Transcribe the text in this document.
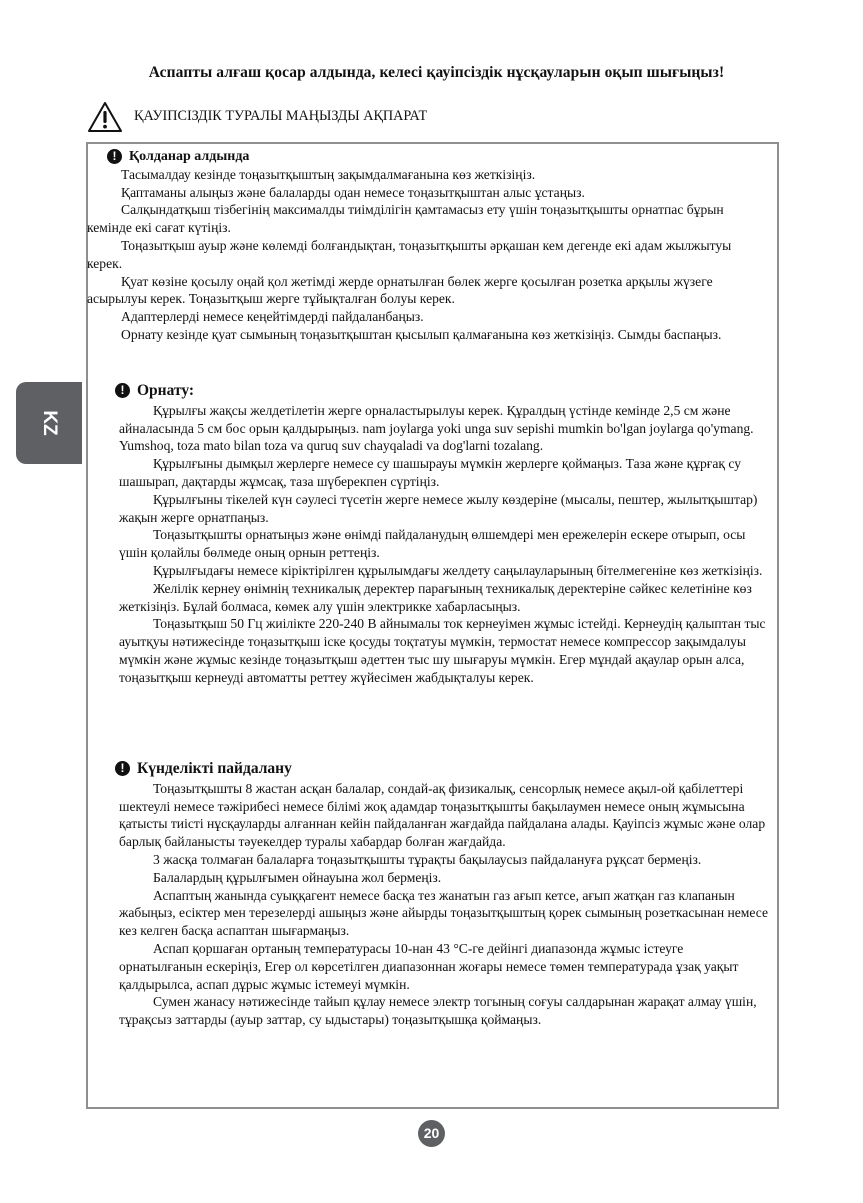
Аспапты алғаш қосар алдында, келесі қауіпсіздік нұсқауларын оқып шығыңыз!
ҚАУІПСІЗДІК ТУРАЛЫ МАҢЫЗДЫ АҚПАРАТ
KZ
! Қолданар алдында

Тасымалдау кезінде тоңазытқыштың зақымдалмағанына көз жеткізіңіз.

Қаптаманы алыңыз және балаларды одан немесе тоңазытқыштан алыс ұстаңыз.

Салқындатқыш тізбегінің максималды тиімділігін қамтамасыз ету үшін тоңазытқышты орнатпас бұрын кемінде екі сағат күтіңіз.

Тоңазытқыш ауыр және көлемді болғандықтан, тоңазытқышты әрқашан кем дегенде екі адам жылжытуы керек.

Қуат көзіне қосылу оңай қол жетімді жерде орнатылған бөлек жерге қосылған розетка арқылы жүзеге асырылуы керек. Тоңазытқыш жерге тұйықталған болуы керек.

Адаптерлерді немесе кеңейтімдерді пайдаланбаңыз.

Орнату кезінде қуат сымының тоңазытқыштан қысылып қалмағанына көз жеткізіңіз. Сымды баспаңыз.

! Орнату:

Құрылғы жақсы желдетілетін жерге орналастырылуы керек. Құралдың үстінде кемінде 2,5 см және айналасында 5 см бос орын қалдырыңыз. nam joylarga yoki unga suv sepishi mumkin bo'lgan joylarga qo'ymang. Yumshoq, toza mato bilan toza va quruq suv chayqaladi va dog'larni tozalang.

Құрылғыны дымқыл жерлерге немесе су шашырауы мүмкін жерлерге қоймаңыз. Таза және құрғақ су шашырап, дақтарды жұмсақ, таза шүберекпен сүртіңіз.

Құрылғыны тікелей күн сәулесі түсетін жерге немесе жылу көздеріне (мысалы, пештер, жылытқыштар) жақын жерге орнатпаңыз.

Тоңазытқышты орнатыңыз және өнімді пайдаланудың өлшемдері мен ережелерін ескере отырып, осы үшін қолайлы бөлмеде оның орнын реттеңіз.

Құрылғыдағы немесе кіріктірілген құрылымдағы желдету саңылауларының бітелмегеніне көз жеткізіңіз.

Желілік кернеу өнімнің техникалық деректер парағының техникалық деректеріне сәйкес келетініне көз жеткізіңіз. Бұлай болмаса, көмек алу үшін электрикке хабарласыңыз.

Тоңазытқыш 50 Гц жиілікте 220-240 В айнымалы ток кернеуімен жұмыс істейді. Кернеудің қалыптан тыс ауытқуы нәтижесінде тоңазытқыш іске қосуды тоқтатуы мүмкін, термостат немесе компрессор зақымдалуы мүмкін және жұмыс кезінде тоңазытқыш әдеттен тыс шу шығаруы мүмкін. Егер мұндай ақаулар орын алса, тоңазытқыш кернеуді автоматты реттеу жүйесімен жабдықталуы керек.

! Күнделікті пайдалану

Тоңазытқышты 8 жастан асқан балалар, сондай-ақ физикалық, сенсорлық немесе ақыл-ой қабілеттері шектеулі немесе тәжірибесі немесе білімі жоқ адамдар тоңазытқышты бақылаумен немесе оның жұмысына қатысты тиісті нұсқауларды алғаннан кейін пайдаланған жағдайда пайдалана алады. Қауіпсіз жұмыс және олар барлық байланысты тәуекелдер туралы хабардар болған жағдайда.

3 жасқа толмаған балаларға тоңазытқышты тұрақты бақылаусыз пайдалануға рұқсат бермеңіз.

Балалардың құрылғымен ойнауына жол бермеңіз.

Аспаптың жанында суыққагент немесе басқа тез жанатын газ ағып кетсе, ағып жатқан газ клапанын жабыңыз, есіктер мен терезелерді ашыңыз және айырды тоңазытқыштың қорек сымының розеткасынан немесе кез келген басқа аспаптан шығармаңыз.

Аспап қоршаған ортаның температурасы 10-нан 43 °C-ге дейінгі диапазонда жұмыс істеуге орнатылғанын ескеріңіз, Егер ол көрсетілген диапазоннан жоғары немесе төмен температурада ұзақ уақыт қалдырылса, аспап дұрыс жұмыс істемеуі мүмкін.

Сумен жанасу нәтижесінде тайып құлау немесе электр тогының соғуы салдарынан жарақат алмау үшін, тұрақсыз заттарды (ауыр заттар, су ыдыстары) тоңазытқышқа қоймаңыз.

20
